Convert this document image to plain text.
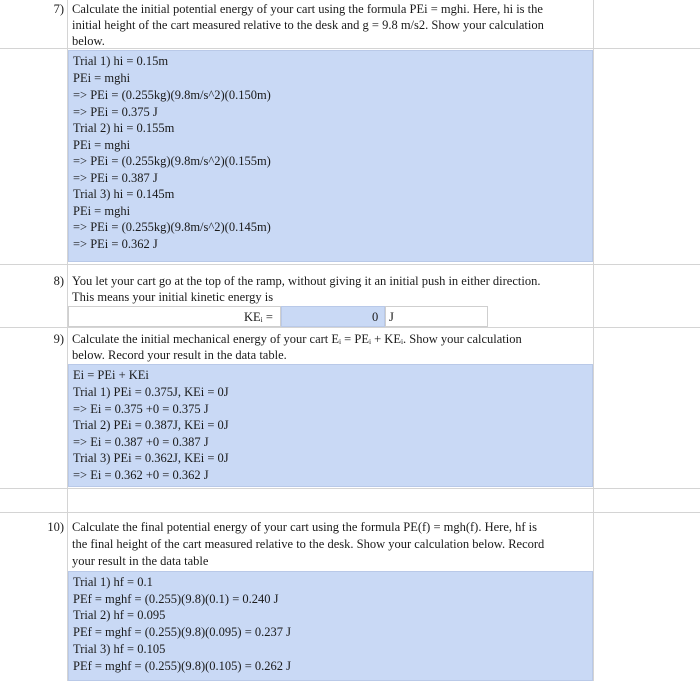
7) Calculate the initial potential energy of your cart using the formula PEi = mghi. Here, hi is the
initial height of the cart measured relative to the desk and g = 9.8 m/s2. Show your calculation
below.
Trial 1) hi = 0.15m
PEi = mghi
=> PEi = (0.255kg)(9.8m/s^2)(0.150m)
=> PEi = 0.375 J
Trial 2) hi = 0.155m
PEi = mghi
=> PEi = (0.255kg)(9.8m/s^2)(0.155m)
=> PEi = 0.387 J
Trial 3) hi = 0.145m
PEi = mghi
=> PEi = (0.255kg)(9.8m/s^2)(0.145m)
=> PEi = 0.362 J
8) You let your cart go at the top of the ramp, without giving it an initial push in either direction.
This means your initial kinetic energy is
KEᵢ =	0 J
9) Calculate the initial mechanical energy of your cart Eᵢ = PEᵢ + KEᵢ. Show your calculation
below. Record your result in the data table.
Ei = PEi + KEi
Trial 1) PEi = 0.375J, KEi = 0J
=> Ei = 0.375 +0 = 0.375 J
Trial 2) PEi = 0.387J, KEi = 0J
=> Ei = 0.387 +0 = 0.387 J
Trial 3) PEi = 0.362J, KEi = 0J
=> Ei = 0.362 +0 = 0.362 J
10) Calculate the final potential energy of your cart using the formula PE(f) = mgh(f). Here, hf is
the final height of the cart measured relative to the desk. Show your calculation below. Record
your result in the data table
Trial 1) hf = 0.1
PEf = mghf = (0.255)(9.8)(0.1) = 0.240 J
Trial 2) hf = 0.095
PEf = mghf = (0.255)(9.8)(0.095) = 0.237 J
Trial 3) hf = 0.105
PEf = mghf = (0.255)(9.8)(0.105) = 0.262 J
